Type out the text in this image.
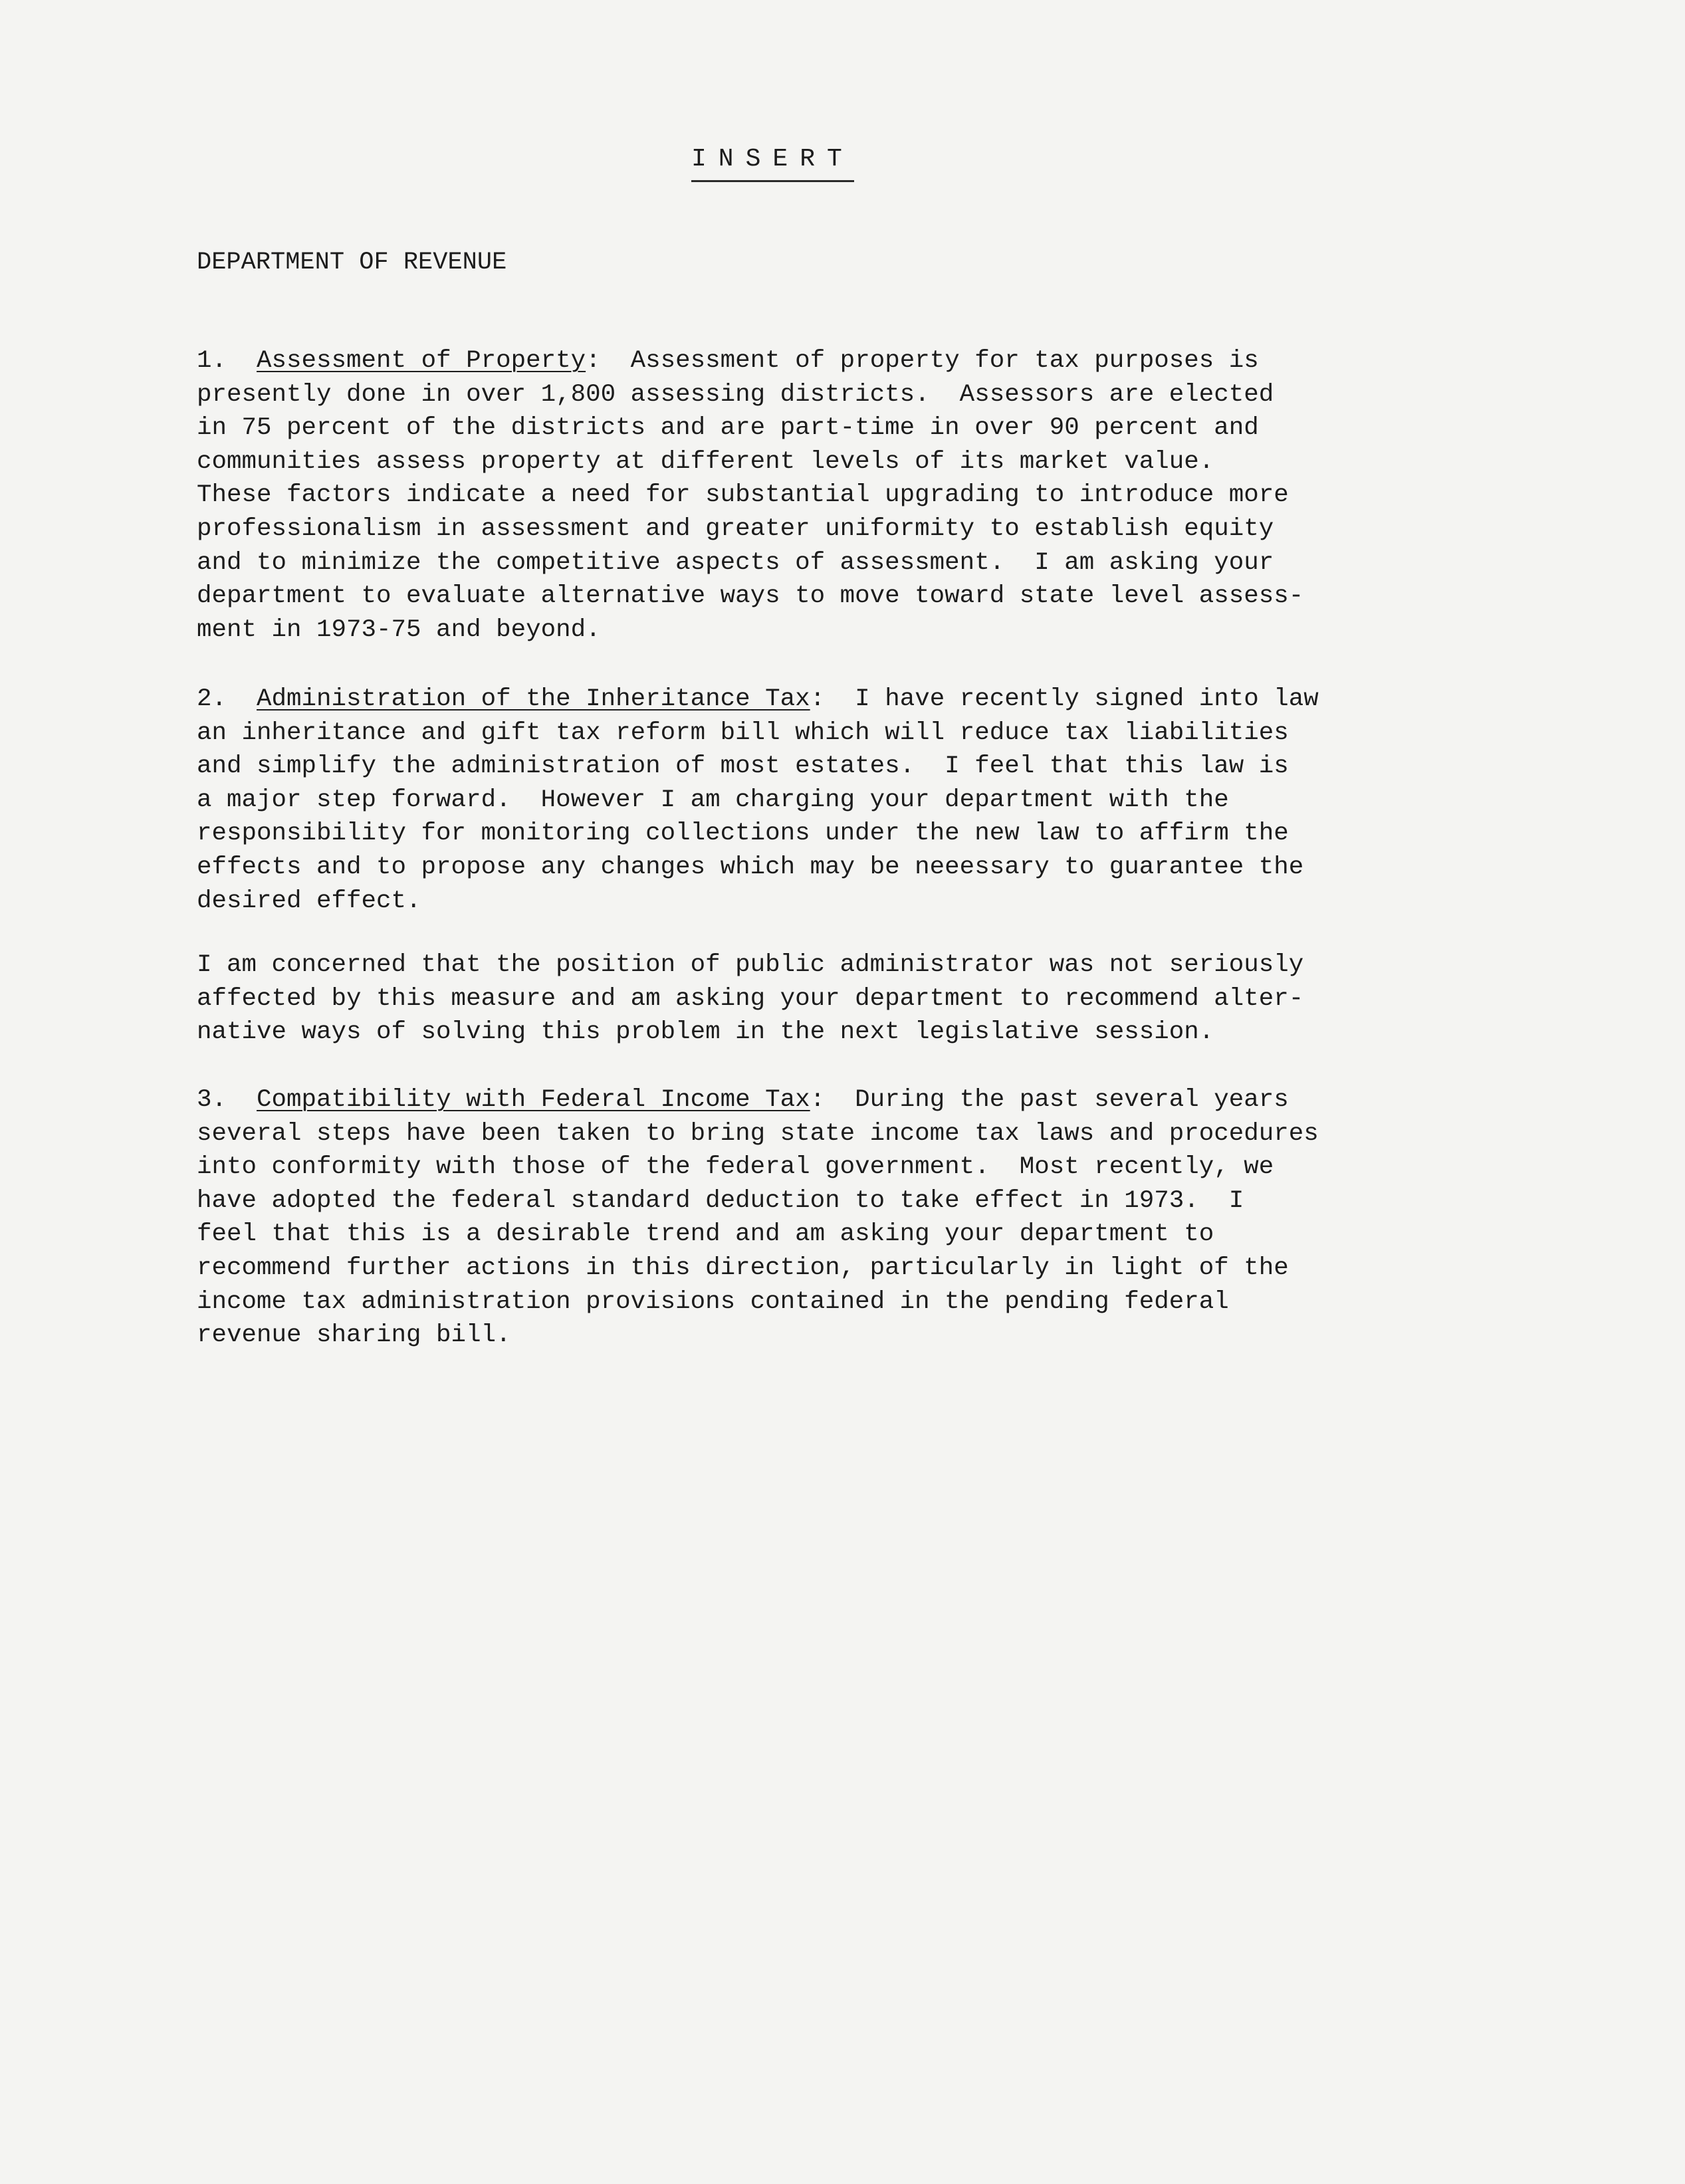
INSERT
DEPARTMENT OF REVENUE
1. Assessment of Property:  Assessment of property for tax purposes is
presently done in over 1,800 assessing districts.  Assessors are elected
in 75 percent of the districts and are part-time in over 90 percent and
communities assess property at different levels of its market value.
These factors indicate a need for substantial upgrading to introduce more
professionalism in assessment and greater uniformity to establish equity
and to minimize the competitive aspects of assessment.  I am asking your
department to evaluate alternative ways to move toward state level assess-
ment in 1973-75 and beyond.
2. Administration of the Inheritance Tax:  I have recently signed into law
an inheritance and gift tax reform bill which will reduce tax liabilities
and simplify the administration of most estates.  I feel that this law is
a major step forward.  However I am charging your department with the
responsibility for monitoring collections under the new law to affirm the
effects and to propose any changes which may be neeessary to guarantee the
desired effect.
I am concerned that the position of public administrator was not seriously
affected by this measure and am asking your department to recommend alter-
native ways of solving this problem in the next legislative session.
3. Compatibility with Federal Income Tax:  During the past several years
several steps have been taken to bring state income tax laws and procedures
into conformity with those of the federal government.  Most recently, we
have adopted the federal standard deduction to take effect in 1973.  I
feel that this is a desirable trend and am asking your department to
recommend further actions in this direction, particularly in light of the
income tax administration provisions contained in the pending federal
revenue sharing bill.
